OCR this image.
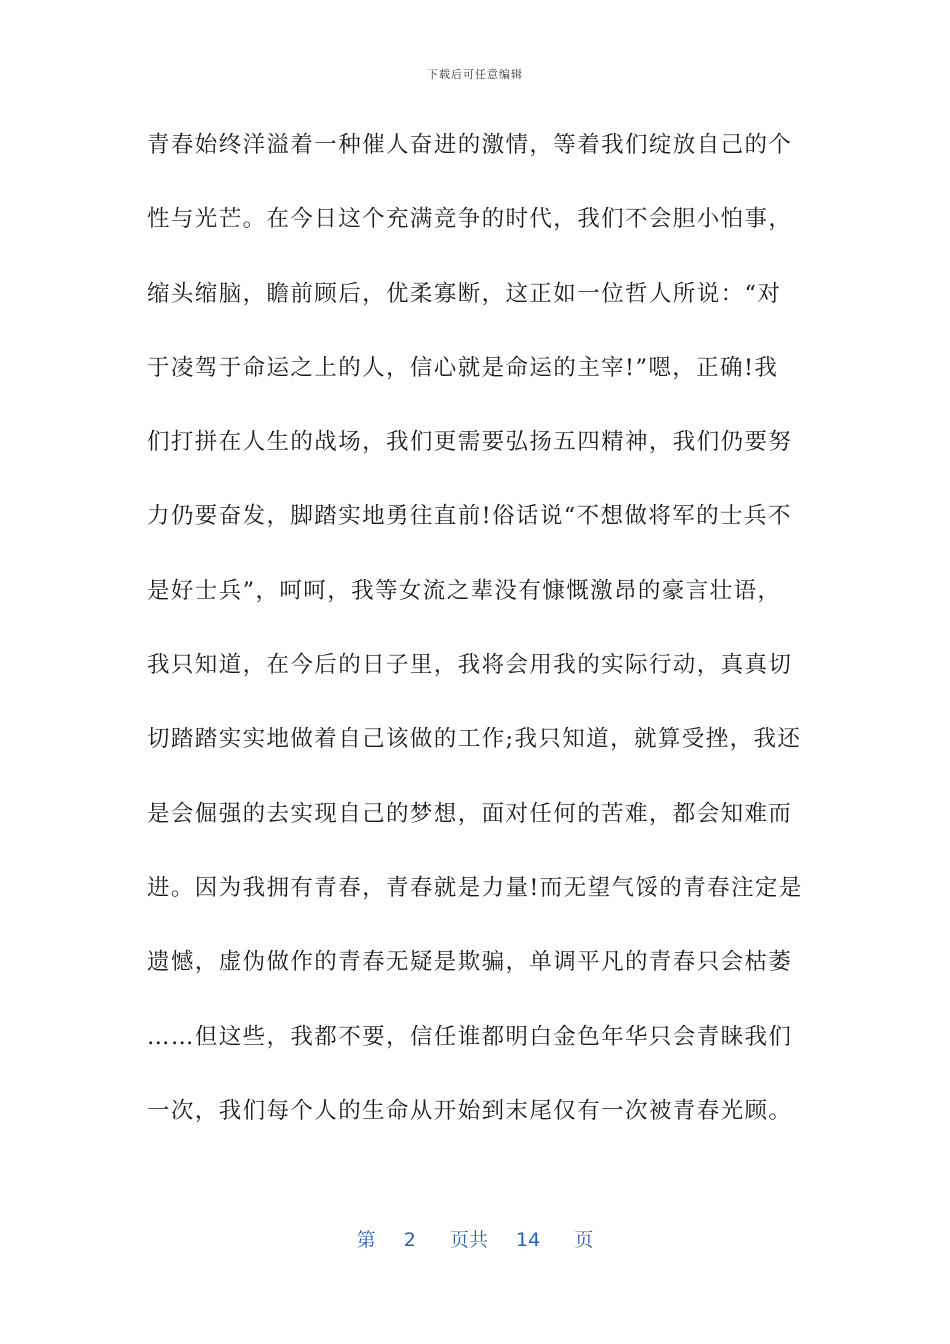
下载后可任意编辑
青春始终洋溢着一种催人奋进的激情，等着我们绽放自己的个
性与光芒。在今日这个充满竞争的时代，我们不会胆小怕事，
缩头缩脑，瞻前顾后，优柔寡断，这正如一位哲人所说：“对
于凌驾于命运之上的人，信心就是命运的主宰!”嗯，正确!我
们打拼在人生的战场，我们更需要弘扬五四精神，我们仍要努
力仍要奋发，脚踏实地勇往直前!俗话说“不想做将军的士兵不
是好士兵”，呵呵，我等女流之辈没有慷慨激昂的豪言壮语，
我只知道，在今后的日子里，我将会用我的实际行动，真真切
切踏踏实实地做着自己该做的工作;我只知道，就算受挫，我还
是会倔强的去实现自己的梦想，面对任何的苦难，都会知难而
进。因为我拥有青春，青春就是力量!而无望气馁的青春注定是
遗憾，虚伪做作的青春无疑是欺骗，单调平凡的青春只会枯萎
……但这些，我都不要，信任谁都明白金色年华只会青睐我们
一次，我们每个人的生命从开始到末尾仅有一次被青春光顾。
第 2 页共 14 页
